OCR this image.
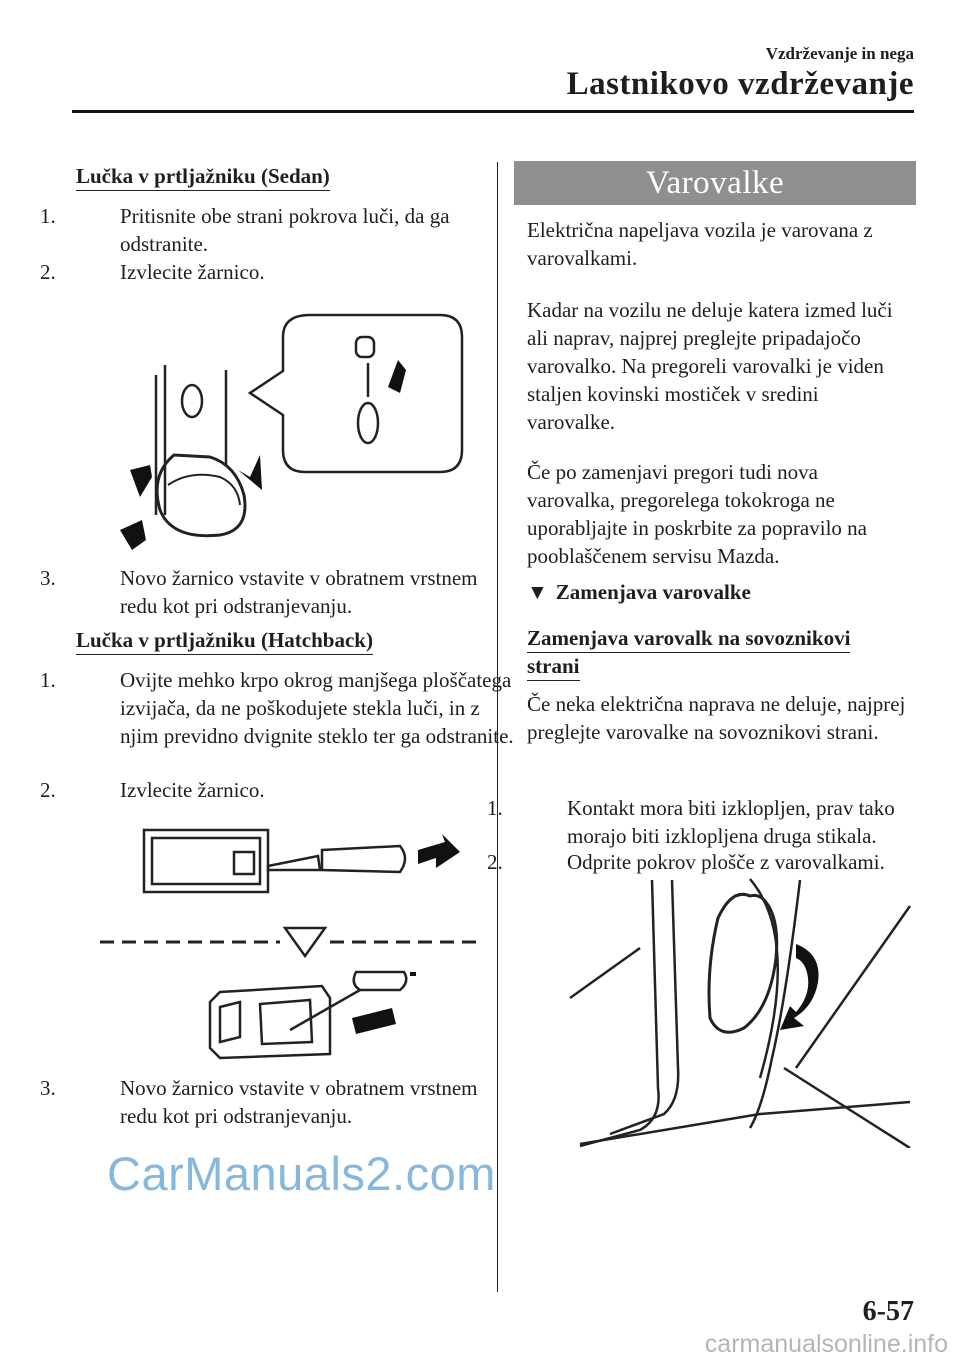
Vzdrževanje in nega
Lastnikovo vzdrževanje
Lučka v prtljažniku (Sedan)
1.	Pritisnite obe strani pokrova luči, da ga odstranite.
2.	Izvlecite žarnico.
3.	Novo žarnico vstavite v obratnem vrstnem redu kot pri odstranjevanju.
Lučka v prtljažniku (Hatchback)
1.	Ovijte mehko krpo okrog manjšega ploščatega izvijača, da ne poškodujete stekla luči, in z njim previdno dvignite steklo ter ga odstranite.
2.	Izvlecite žarnico.
3.	Novo žarnico vstavite v obratnem vrstnem redu kot pri odstranjevanju.
Varovalke
Električna napeljava vozila je varovana z varovalkami.
Kadar na vozilu ne deluje katera izmed luči ali naprav, najprej preglejte pripadajočo varovalko. Na pregoreli varovalki je viden staljen kovinski mostiček v sredini varovalke.
Če po zamenjavi pregori tudi nova varovalka, pregorelega tokokroga ne uporabljajte in poskrbite za popravilo na pooblaščenem servisu Mazda.
▼ Zamenjava varovalke
Zamenjava varovalk na sovoznikovi strani
Če neka električna naprava ne deluje, najprej preglejte varovalke na sovoznikovi strani.
1.	Kontakt mora biti izklopljen, prav tako morajo biti izklopljena druga stikala.
2.	Odprite pokrov plošče z varovalkami.
CarManuals2.com
6-57
carmanualsonline.info
